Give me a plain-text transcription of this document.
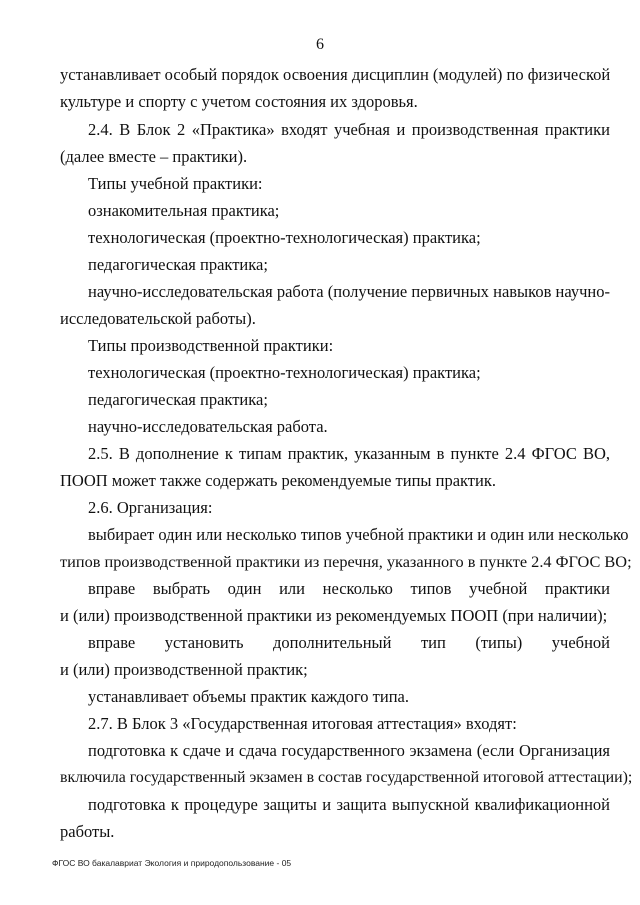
6
устанавливает особый порядок освоения дисциплин (модулей) по физической
культуре и спорту с учетом состояния их здоровья.
2.4. В Блок 2 «Практика» входят учебная и производственная практики
(далее вместе – практики).
Типы учебной практики:
ознакомительная практика;
технологическая (проектно-технологическая) практика;
педагогическая практика;
научно-исследовательская работа (получение первичных навыков научно-
исследовательской работы).
Типы производственной практики:
технологическая (проектно-технологическая) практика;
педагогическая практика;
научно-исследовательская работа.
2.5. В дополнение к типам практик, указанным в пункте 2.4 ФГОС ВО,
ПООП может также содержать рекомендуемые типы практик.
2.6. Организация:
выбирает один или несколько типов учебной практики и один или несколько
типов производственной практики из перечня, указанного в пункте 2.4 ФГОС ВО;
вправе выбрать один или несколько типов учебной практики
и (или) производственной практики из рекомендуемых ПООП (при наличии);
вправе установить дополнительный тип (типы) учебной
и (или) производственной практик;
устанавливает объемы практик каждого типа.
2.7. В Блок 3 «Государственная итоговая аттестация» входят:
подготовка к сдаче и сдача государственного экзамена (если Организация
включила государственный экзамен в состав государственной итоговой аттестации);
подготовка к процедуре защиты и защита выпускной квалификационной
работы.
ФГОС ВО бакалавриат Экология и природопользование - 05
